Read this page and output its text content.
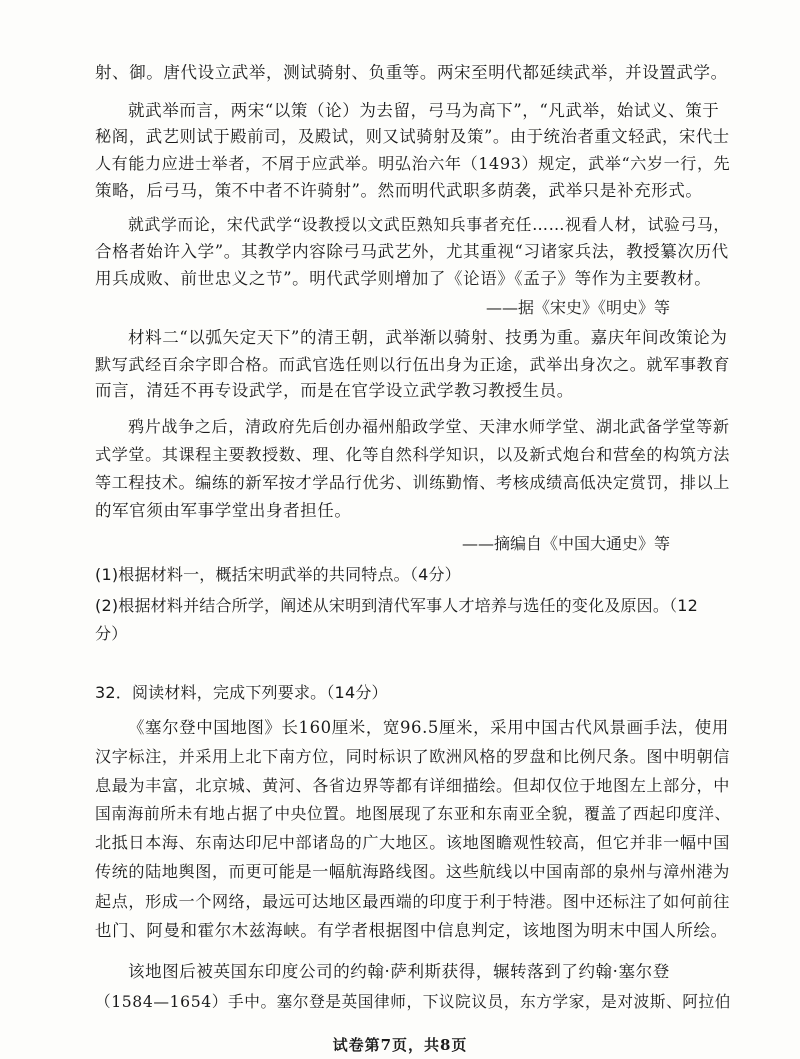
射、御。唐代设立武举，测试骑射、负重等。两宋至明代都延续武举，并设置武学。
就武举而言，两宋“以策（论）为去留，弓马为高下”，“凡武举，始试义、策于
秘阁，武艺则试于殿前司，及殿试，则又试骑射及策”。由于统治者重文轻武，宋代士
人有能力应进士举者，不屑于应武举。明弘治六年（1493）规定，武举“六岁一行，先
策略，后弓马，策不中者不许骑射”。然而明代武职多荫袭，武举只是补充形式。
就武学而论，宋代武学“设教授以文武臣熟知兵事者充任……视看人材，试验弓马，
合格者始许入学”。其教学内容除弓马武艺外，尤其重视“习诸家兵法，教授纂次历代
用兵成败、前世忠义之节”。明代武学则增加了《论语》《孟子》等作为主要教材。
——据《宋史》《明史》等
材料二“以弧矢定天下”的清王朝，武举渐以骑射、技勇为重。嘉庆年间改策论为
默写武经百余字即合格。而武官选任则以行伍出身为正途，武举出身次之。就军事教育
而言，清廷不再专设武学，而是在官学设立武学教习教授生员。
鸦片战争之后，清政府先后创办福州船政学堂、天津水师学堂、湖北武备学堂等新
式学堂。其课程主要教授数、理、化等自然科学知识，以及新式炮台和营垒的构筑方法
等工程技术。编练的新军按才学品行优劣、训练勤惰、考核成绩高低决定赏罚，排以上
的军官须由军事学堂出身者担任。
——摘编自《中国大通史》等
(1)根据材料一，概括宋明武举的共同特点。（4分）
(2)根据材料并结合所学，阐述从宋明到清代军事人才培养与选任的变化及原因。（12
分）
32．阅读材料，完成下列要求。（14分）
《塞尔登中国地图》长160厘米，宽96.5厘米，采用中国古代风景画手法，使用
汉字标注，并采用上北下南方位，同时标识了欧洲风格的罗盘和比例尺条。图中明朝信
息最为丰富，北京城、黄河、各省边界等都有详细描绘。但却仅位于地图左上部分，中
国南海前所未有地占据了中央位置。地图展现了东亚和东南亚全貌，覆盖了西起印度洋、
北抵日本海、东南达印尼中部诸岛的广大地区。该地图瞻观性较高，但它并非一幅中国
传统的陆地舆图，而更可能是一幅航海路线图。这些航线以中国南部的泉州与漳州港为
起点，形成一个网络，最远可达地区最西端的印度于利于特港。图中还标注了如何前往
也门、阿曼和霍尔木兹海峡。有学者根据图中信息判定，该地图为明末中国人所绘。
该地图后被英国东印度公司的约翰·萨利斯获得，辗转落到了约翰·塞尔登
（1584—1654）手中。塞尔登是英国律师，下议院议员，东方学家，是对波斯、阿拉伯
试卷第7页，共8页
